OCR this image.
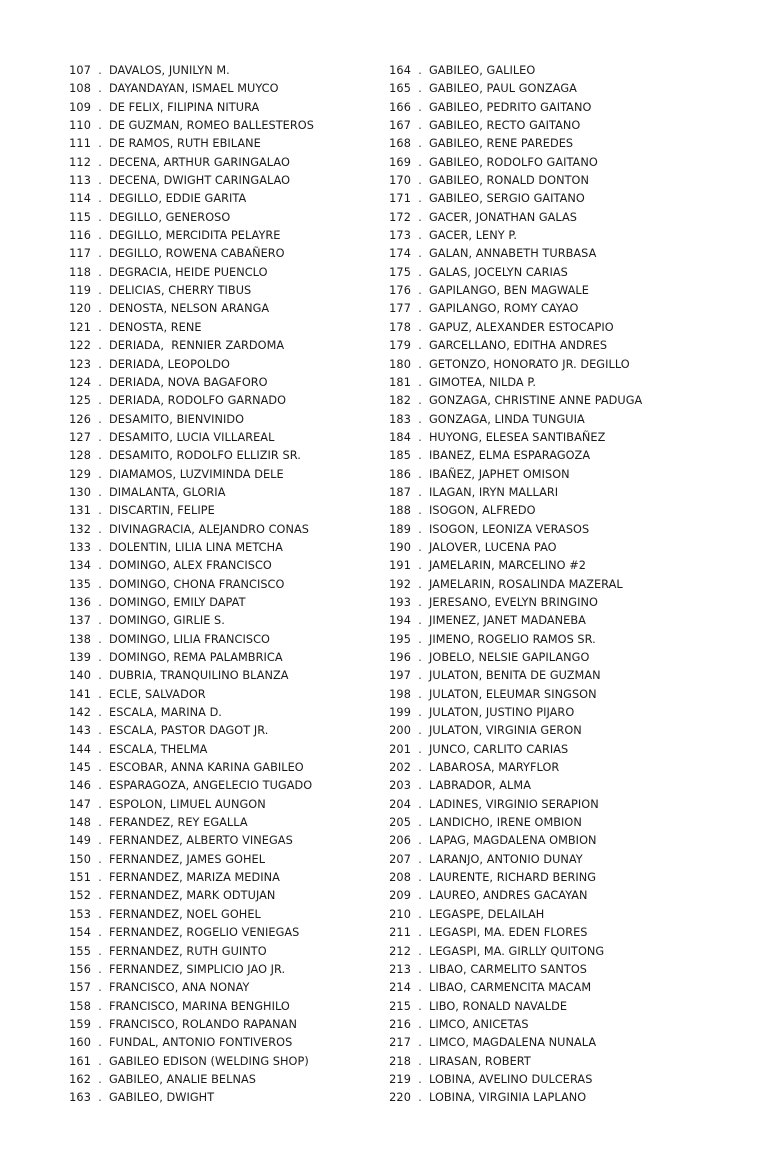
107 . DAVALOS, JUNILYN M.
108 . DAYANDAYAN, ISMAEL MUYCO
109 . DE FELIX, FILIPINA NITURA
110 . DE GUZMAN, ROMEO BALLESTEROS
111 . DE RAMOS, RUTH EBILANE
112 . DECENA, ARTHUR GARINGALAO
113 . DECENA, DWIGHT CARINGALAO
114 . DEGILLO, EDDIE GARITA
115 . DEGILLO, GENEROSO
116 . DEGILLO, MERCIDITA PELAYRE
117 . DEGILLO, ROWENA CABAÑERO
118 . DEGRACIA, HEIDE PUENCLO
119 . DELICIAS, CHERRY TIBUS
120 . DENOSTA, NELSON ARANGA
121 . DENOSTA, RENE
122 . DERIADA,  RENNIER ZARDOMA
123 . DERIADA, LEOPOLDO
124 . DERIADA, NOVA BAGAFORO
125 . DERIADA, RODOLFO GARNADO
126 . DESAMITO, BIENVINIDO
127 . DESAMITO, LUCIA VILLAREAL
128 . DESAMITO, RODOLFO ELLIZIR SR.
129 . DIAMAMOS, LUZVIMINDA DELE
130 . DIMALANTA, GLORIA
131 . DISCARTIN, FELIPE
132 . DIVINAGRACIA, ALEJANDRO CONAS
133 . DOLENTIN, LILIA LINA METCHA
134 . DOMINGO, ALEX FRANCISCO
135 . DOMINGO, CHONA FRANCISCO
136 . DOMINGO, EMILY DAPAT
137 . DOMINGO, GIRLIE S.
138 . DOMINGO, LILIA FRANCISCO
139 . DOMINGO, REMA PALAMBRICA
140 . DUBRIA, TRANQUILINO BLANZA
141 . ECLE, SALVADOR
142 . ESCALA, MARINA D.
143 . ESCALA, PASTOR DAGOT JR.
144 . ESCALA, THELMA
145 . ESCOBAR, ANNA KARINA GABILEO
146 . ESPARAGOZA, ANGELECIO TUGADO
147 . ESPOLON, LIMUEL AUNGON
148 . FERANDEZ, REY EGALLA
149 . FERNANDEZ, ALBERTO VINEGAS
150 . FERNANDEZ, JAMES GOHEL
151 . FERNANDEZ, MARIZA MEDINA
152 . FERNANDEZ, MARK ODTUJAN
153 . FERNANDEZ, NOEL GOHEL
154 . FERNANDEZ, ROGELIO VENIEGAS
155 . FERNANDEZ, RUTH GUINTO
156 . FERNANDEZ, SIMPLICIO JAO JR.
157 . FRANCISCO, ANA NONAY
158 . FRANCISCO, MARINA BENGHILO
159 . FRANCISCO, ROLANDO RAPANAN
160 . FUNDAL, ANTONIO FONTIVEROS
161 . GABILEO EDISON (WELDING SHOP)
162 . GABILEO, ANALIE BELNAS
163 . GABILEO, DWIGHT
164 . GABILEO, GALILEO
165 . GABILEO, PAUL GONZAGA
166 . GABILEO, PEDRITO GAITANO
167 . GABILEO, RECTO GAITANO
168 . GABILEO, RENE PAREDES
169 . GABILEO, RODOLFO GAITANO
170 . GABILEO, RONALD DONTON
171 . GABILEO, SERGIO GAITANO
172 . GACER, JONATHAN GALAS
173 . GACER, LENY P.
174 . GALAN, ANNABETH TURBASA
175 . GALAS, JOCELYN CARIAS
176 . GAPILANGO, BEN MAGWALE
177 . GAPILANGO, ROMY CAYAO
178 . GAPUZ, ALEXANDER ESTOCAPIO
179 . GARCELLANO, EDITHA ANDRES
180 . GETONZO, HONORATO JR. DEGILLO
181 . GIMOTEA, NILDA P.
182 . GONZAGA, CHRISTINE ANNE PADUGA
183 . GONZAGA, LINDA TUNGUIA
184 . HUYONG, ELESEA SANTIBAÑEZ
185 . IBANEZ, ELMA ESPARAGOZA
186 . IBAÑEZ, JAPHET OMISON
187 . ILAGAN, IRYN MALLARI
188 . ISOGON, ALFREDO
189 . ISOGON, LEONIZA VERASOS
190 . JALOVER, LUCENA PAO
191 . JAMELARIN, MARCELINO #2
192 . JAMELARIN, ROSALINDA MAZERAL
193 . JERESANO, EVELYN BRINGINO
194 . JIMENEZ, JANET MADANEBA
195 . JIMENO, ROGELIO RAMOS SR.
196 . JOBELO, NELSIE GAPILANGO
197 . JULATON, BENITA DE GUZMAN
198 . JULATON, ELEUMAR SINGSON
199 . JULATON, JUSTINO PIJARO
200 . JULATON, VIRGINIA GERON
201 . JUNCO, CARLITO CARIAS
202 . LABAROSA, MARYFLOR
203 . LABRADOR, ALMA
204 . LADINES, VIRGINIO SERAPION
205 . LANDICHO, IRENE OMBION
206 . LAPAG, MAGDALENA OMBION
207 . LARANJO, ANTONIO DUNAY
208 . LAURENTE, RICHARD BERING
209 . LAUREO, ANDRES GACAYAN
210 . LEGASPE, DELAILAH
211 . LEGASPI, MA. EDEN FLORES
212 . LEGASPI, MA. GIRLLY QUITONG
213 . LIBAO, CARMELITO SANTOS
214 . LIBAO, CARMENCITA MACAM
215 . LIBO, RONALD NAVALDE
216 . LIMCO, ANICETAS
217 . LIMCO, MAGDALENA NUNALA
218 . LIRASAN, ROBERT
219 . LOBINA, AVELINO DULCERAS
220 . LOBINA, VIRGINIA LAPLANO
